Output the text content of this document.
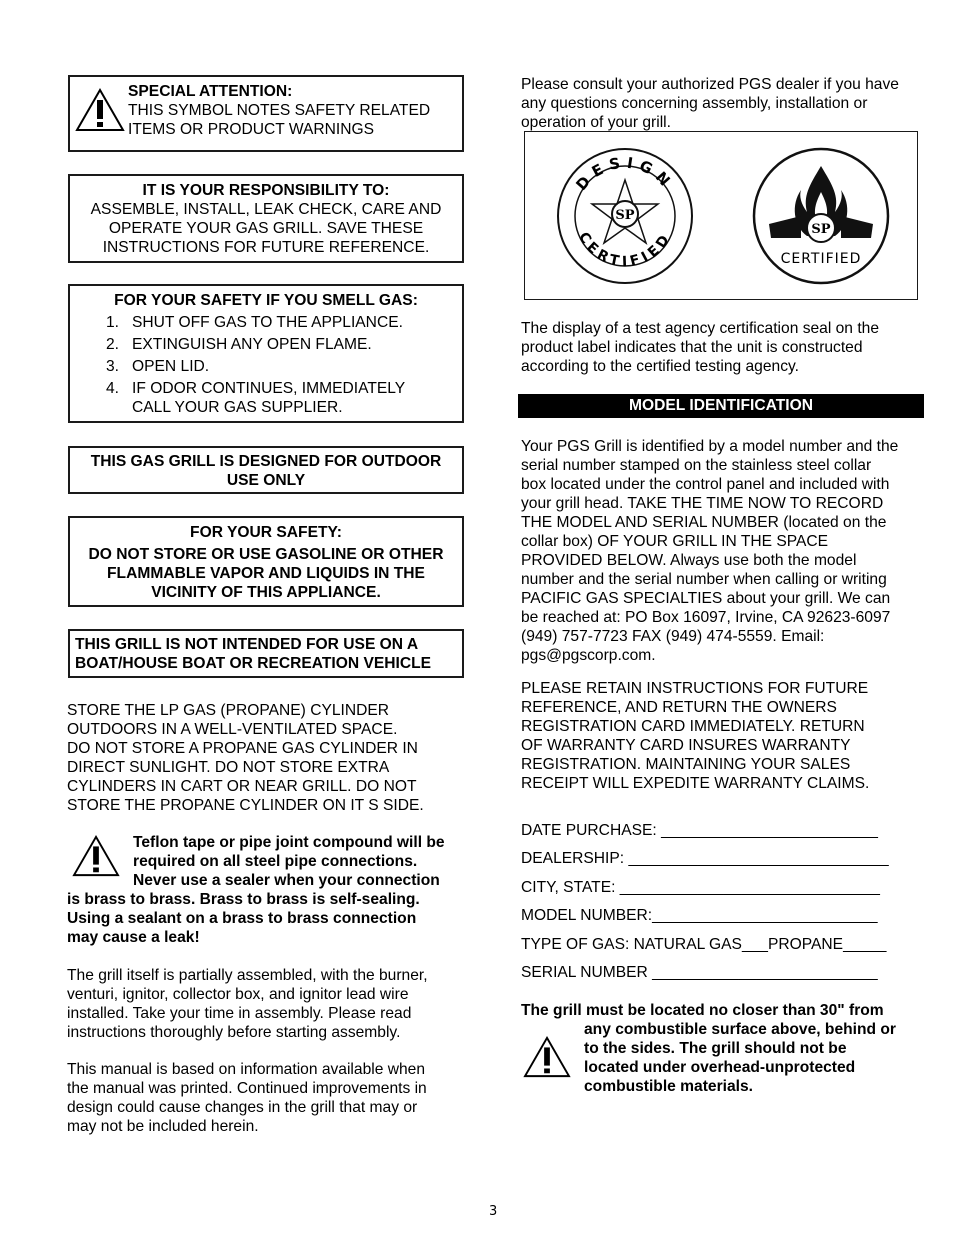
SPECIAL ATTENTION:
THIS SYMBOL NOTES SAFETY RELATED
ITEMS OR PRODUCT WARNINGS
IT IS YOUR RESPONSIBILITY TO:
ASSEMBLE, INSTALL, LEAK CHECK, CARE AND
OPERATE YOUR GAS GRILL. SAVE THESE
INSTRUCTIONS FOR FUTURE REFERENCE.
FOR YOUR SAFETY IF YOU SMELL GAS:
1. SHUT OFF GAS TO THE APPLIANCE.
2. EXTINGUISH ANY OPEN FLAME.
3. OPEN LID.
4. IF ODOR CONTINUES, IMMEDIATELY
CALL YOUR GAS SUPPLIER.
THIS GAS GRILL IS DESIGNED FOR OUTDOOR
USE ONLY
FOR YOUR SAFETY:
DO NOT STORE OR USE GASOLINE OR OTHER
FLAMMABLE VAPOR AND LIQUIDS IN THE
VICINITY OF THIS APPLIANCE.
THIS GRILL IS NOT INTENDED FOR USE ON A
BOAT/HOUSE BOAT OR RECREATION VEHICLE
STORE THE LP GAS (PROPANE) CYLINDER
OUTDOORS IN A WELL-VENTILATED SPACE.
DO NOT STORE A PROPANE GAS CYLINDER IN
DIRECT SUNLIGHT. DO NOT STORE EXTRA
CYLINDERS IN CART OR NEAR GRILL. DO NOT
STORE THE PROPANE CYLINDER ON IT S SIDE.
Teflon tape or pipe joint compound will be
required on all steel pipe connections.
Never use a sealer when your connection
is brass to brass. Brass to brass is self-sealing.
Using a sealant on a brass to brass connection
may cause a leak!
The grill itself is partially assembled, with the burner,
venturi, ignitor, collector box, and ignitor lead wire
installed. Take your time in assembly. Please read
instructions thoroughly before starting assembly.
This manual is based on information available when
the manual was printed. Continued improvements in
design could cause changes in the grill that may or
may not be included herein.
Please consult your authorized PGS dealer if you have
any questions concerning assembly, installation or
operation of your grill.
DESIGN
CERTIFIED
SP
SP
CERTIFIED
The display of a test agency certification seal on the
product label indicates that the unit is constructed
according to the certified testing agency.
MODEL IDENTIFICATION
Your PGS Grill is identified by a model number and the
serial number stamped on the stainless steel collar
box located under the control panel and included with
your grill head. TAKE THE TIME NOW TO RECORD
THE MODEL AND SERIAL NUMBER (located on the
collar box) OF YOUR GRILL IN THE SPACE
PROVIDED BELOW. Always use both the model
number and the serial number when calling or writing
PACIFIC GAS SPECIALTIES about your grill. We can
be reached at: PO Box 16097, Irvine, CA 92623-6097
(949) 757-7723 FAX (949) 474-5559. Email:
pgs@pgscorp.com.
PLEASE RETAIN INSTRUCTIONS FOR FUTURE
REFERENCE, AND RETURN THE OWNERS
REGISTRATION CARD IMMEDIATELY. RETURN
OF WARRANTY CARD INSURES WARRANTY
REGISTRATION. MAINTAINING YOUR SALES
RECEIPT WILL EXPEDITE WARRANTY CLAIMS.
DATE PURCHASE: _________________________
DEALERSHIP: ______________________________
CITY, STATE: ______________________________
MODEL NUMBER:__________________________
TYPE OF GAS: NATURAL GAS___PROPANE_____
SERIAL NUMBER __________________________
The grill must be located no closer than 30" from
any combustible surface above, behind or
to the sides. The grill should not be
located under overhead-unprotected
combustible materials.
3
